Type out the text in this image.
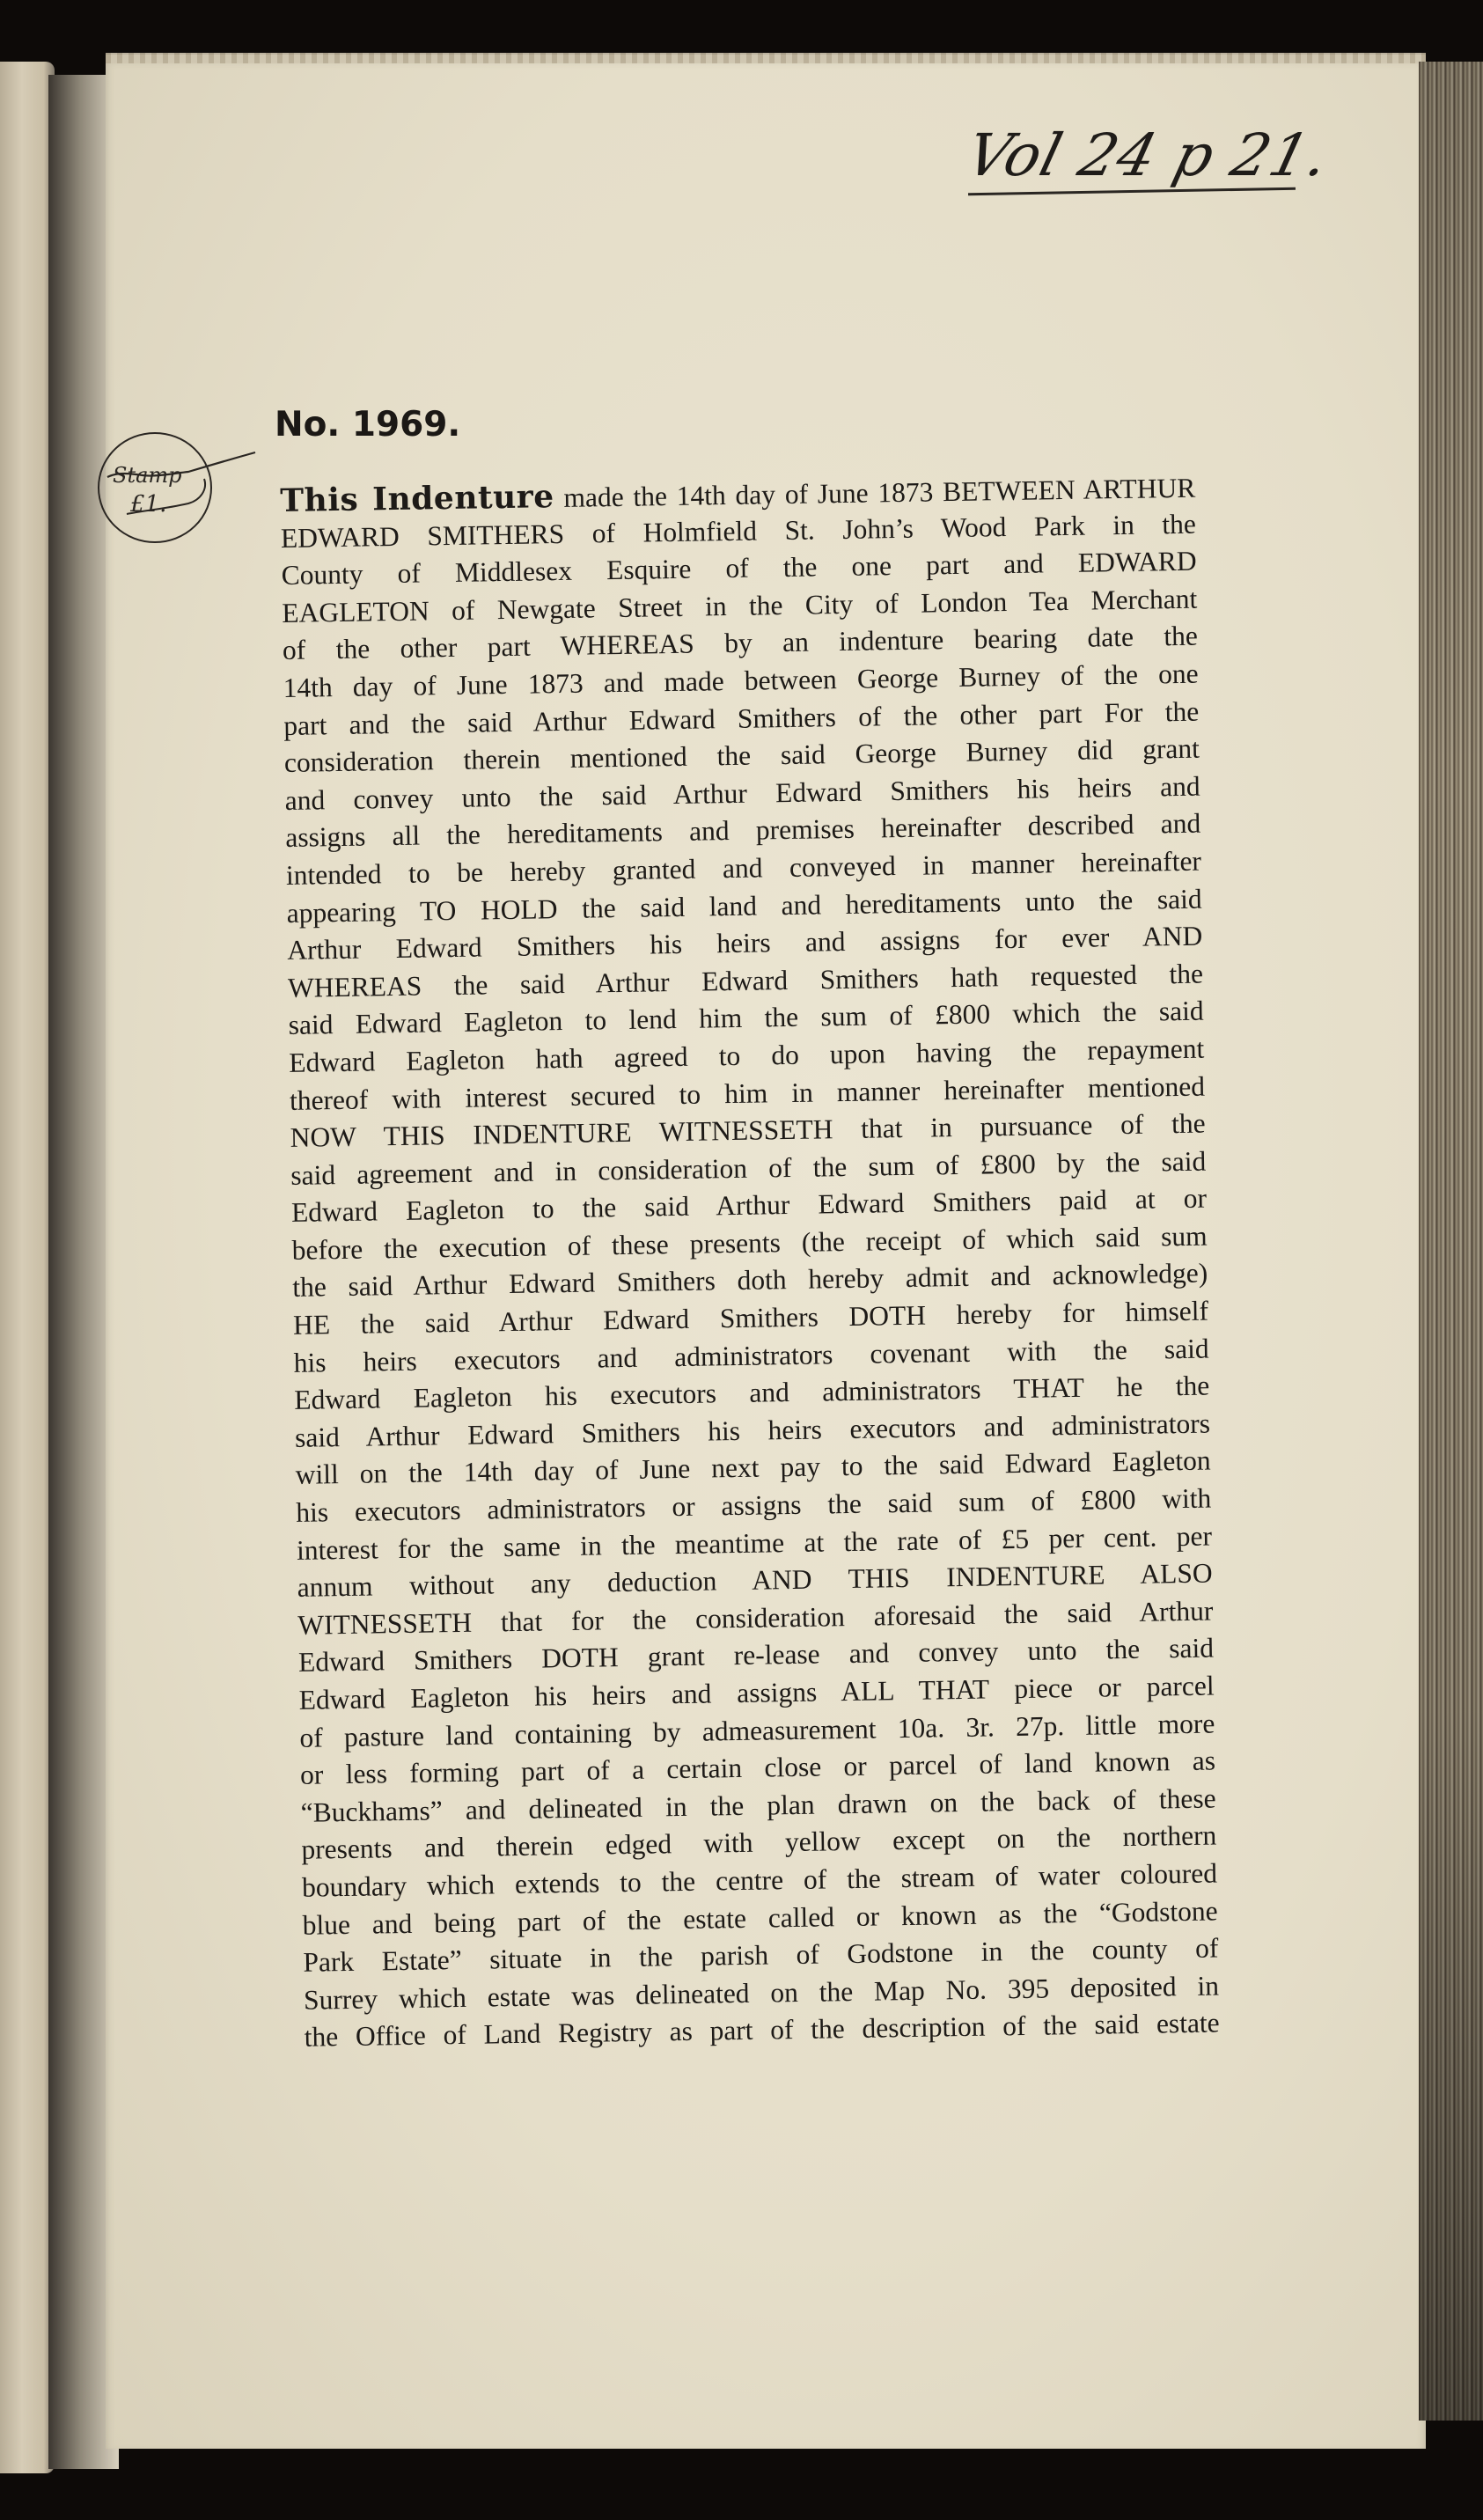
Vol 24 p 21.
No. 1969.
Stamp
£1.	This Indenture made the 14th day of June 1873 BETWEEN ARTHUR
EDWARD SMITHERS of Holmfield St. John’s Wood Park in the
County of Middlesex Esquire of the one part and EDWARD
EAGLETON of Newgate Street in the City of London Tea Merchant
of the other part WHEREAS by an indenture bearing date the
14th day of June 1873 and made between George Burney of the one
part and the said Arthur Edward Smithers of the other part For the
consideration therein mentioned the said George Burney did grant
and convey unto the said Arthur Edward Smithers his heirs and
assigns all the hereditaments and premises hereinafter described and
intended to be hereby granted and conveyed in manner hereinafter
appearing TO HOLD the said land and hereditaments unto the said
Arthur Edward Smithers his heirs and assigns for ever AND
WHEREAS the said Arthur Edward Smithers hath requested the
said Edward Eagleton to lend him the sum of £800 which the said
Edward Eagleton hath agreed to do upon having the repayment
thereof with interest secured to him in manner hereinafter mentioned
NOW THIS INDENTURE WITNESSETH that in pursuance of the
said agreement and in consideration of the sum of £800 by the said
Edward Eagleton to the said Arthur Edward Smithers paid at or
before the execution of these presents (the receipt of which said sum
the said Arthur Edward Smithers doth hereby admit and acknowledge)
HE the said Arthur Edward Smithers DOTH hereby for himself
his heirs executors and administrators covenant with the said
Edward Eagleton his executors and administrators THAT he the
said Arthur Edward Smithers his heirs executors and administrators
will on the 14th day of June next pay to the said Edward Eagleton
his executors administrators or assigns the said sum of £800 with
interest for the same in the meantime at the rate of £5 per cent. per
annum without any deduction AND THIS INDENTURE ALSO
WITNESSETH that for the consideration aforesaid the said Arthur
Edward Smithers DOTH grant re-lease and convey unto the said
Edward Eagleton his heirs and assigns ALL THAT piece or parcel
of pasture land containing by admeasurement 10a. 3r. 27p. little more
or less forming part of a certain close or parcel of land known as
“Buckhams” and delineated in the plan drawn on the back of these
presents and therein edged with yellow except on the northern
boundary which extends to the centre of the stream of water coloured
blue and being part of the estate called or known as the “Godstone
Park Estate” situate in the parish of Godstone in the county of
Surrey which estate was delineated on the Map No. 395 deposited in
the Office of Land Registry as part of the description of the said estate
